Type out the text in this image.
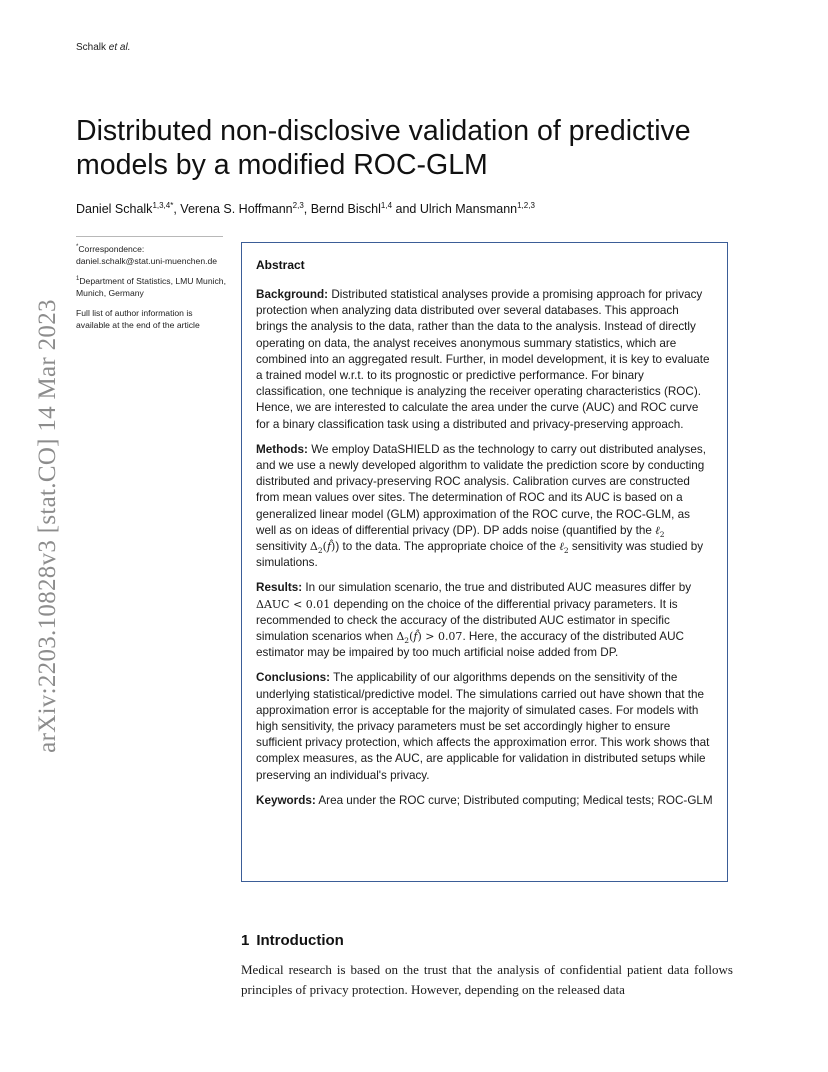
Schalk et al.
arXiv:2203.10828v3 [stat.CO] 14 Mar 2023
Distributed non-disclosive validation of predictive models by a modified ROC-GLM
Daniel Schalk$^{1,3,4*}$, Verena S. Hoffmann$^{2,3}$, Bernd Bischl$^{1,4}$ and Ulrich Mansmann$^{1,2,3}$

*Correspondence: daniel.schalk@stat.uni-muenchen.de

$^1$Department of Statistics, LMU Munich, Munich, Germany

Full list of author information is available at the end of the article

Abstract

Background: Distributed statistical analyses provide a promising approach for privacy protection when analyzing data distributed over several databases. This approach brings the analysis to the data, rather than the data to the analysis. Instead of directly operating on data, the analyst receives anonymous summary statistics, which are combined into an aggregated result. Further, in model development, it is key to evaluate a trained model w.r.t. to its prognostic or predictive performance. For binary classification, one technique is analyzing the receiver operating characteristics (ROC). Hence, we are interested to calculate the area under the curve (AUC) and ROC curve for a binary classification task using a distributed and privacy-preserving approach.

Methods: We employ DataSHIELD as the technology to carry out distributed analyses, and we use a newly developed algorithm to validate the prediction score by conducting distributed and privacy-preserving ROC analysis. Calibration curves are constructed from mean values over sites. The determination of ROC and its AUC is based on a generalized linear model (GLM) approximation of the ROC curve, the ROC-GLM, as well as on ideas of differential privacy (DP). DP adds noise (quantified by the ℓ$_2$ sensitivity $\Delta_2(f̂)$) to the data. The appropriate choice of the ℓ$_2$ sensitivity was studied by simulations.

Results: In our simulation scenario, the true and distributed AUC measures differ by ΔAUC < 0.01 depending on the choice of the differential privacy parameters. It is recommended to check the accuracy of the distributed AUC estimator in specific simulation scenarios when $\Delta_2(f̂) > 0.07$. Here, the accuracy of the distributed AUC estimator may be impaired by too much artificial noise added from DP.

Conclusions: The applicability of our algorithms depends on the sensitivity of the underlying statistical/predictive model. The simulations carried out have shown that the approximation error is acceptable for the majority of simulated cases. For models with high sensitivity, the privacy parameters must be set accordingly higher to ensure sufficient privacy protection, which affects the approximation error. This work shows that complex measures, as the AUC, are applicable for validation in distributed setups while preserving an individual's privacy.

Keywords: Area under the ROC curve; Distributed computing; Medical tests; ROC-GLM

1 Introduction

Medical research is based on the trust that the analysis of confidential patient data follows principles of privacy protection. However, depending on the released data
